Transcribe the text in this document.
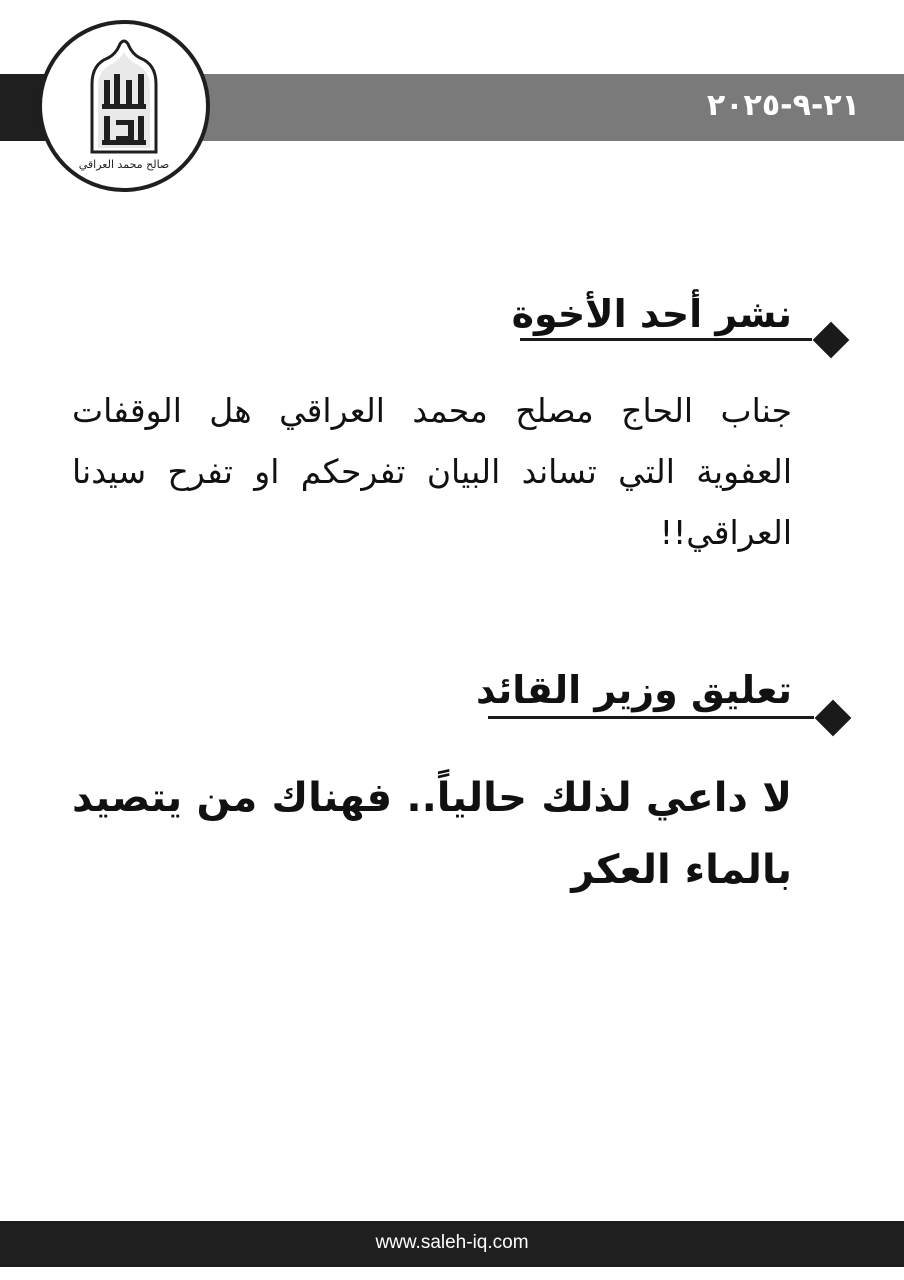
٢١-٩-٢٠٢٥
صالح محمد العراقي
نشر أحد الأخوة
جناب الحاج مصلح محمد العراقي هل الوقفات العفوية التي تساند البيان تفرحكم او تفرح سيدنا العراقي!!
تعليق وزير القائد
لا داعي لذلك حالياً.. فهناك من يتصيد بالماء العكر
www.saleh-iq.com
